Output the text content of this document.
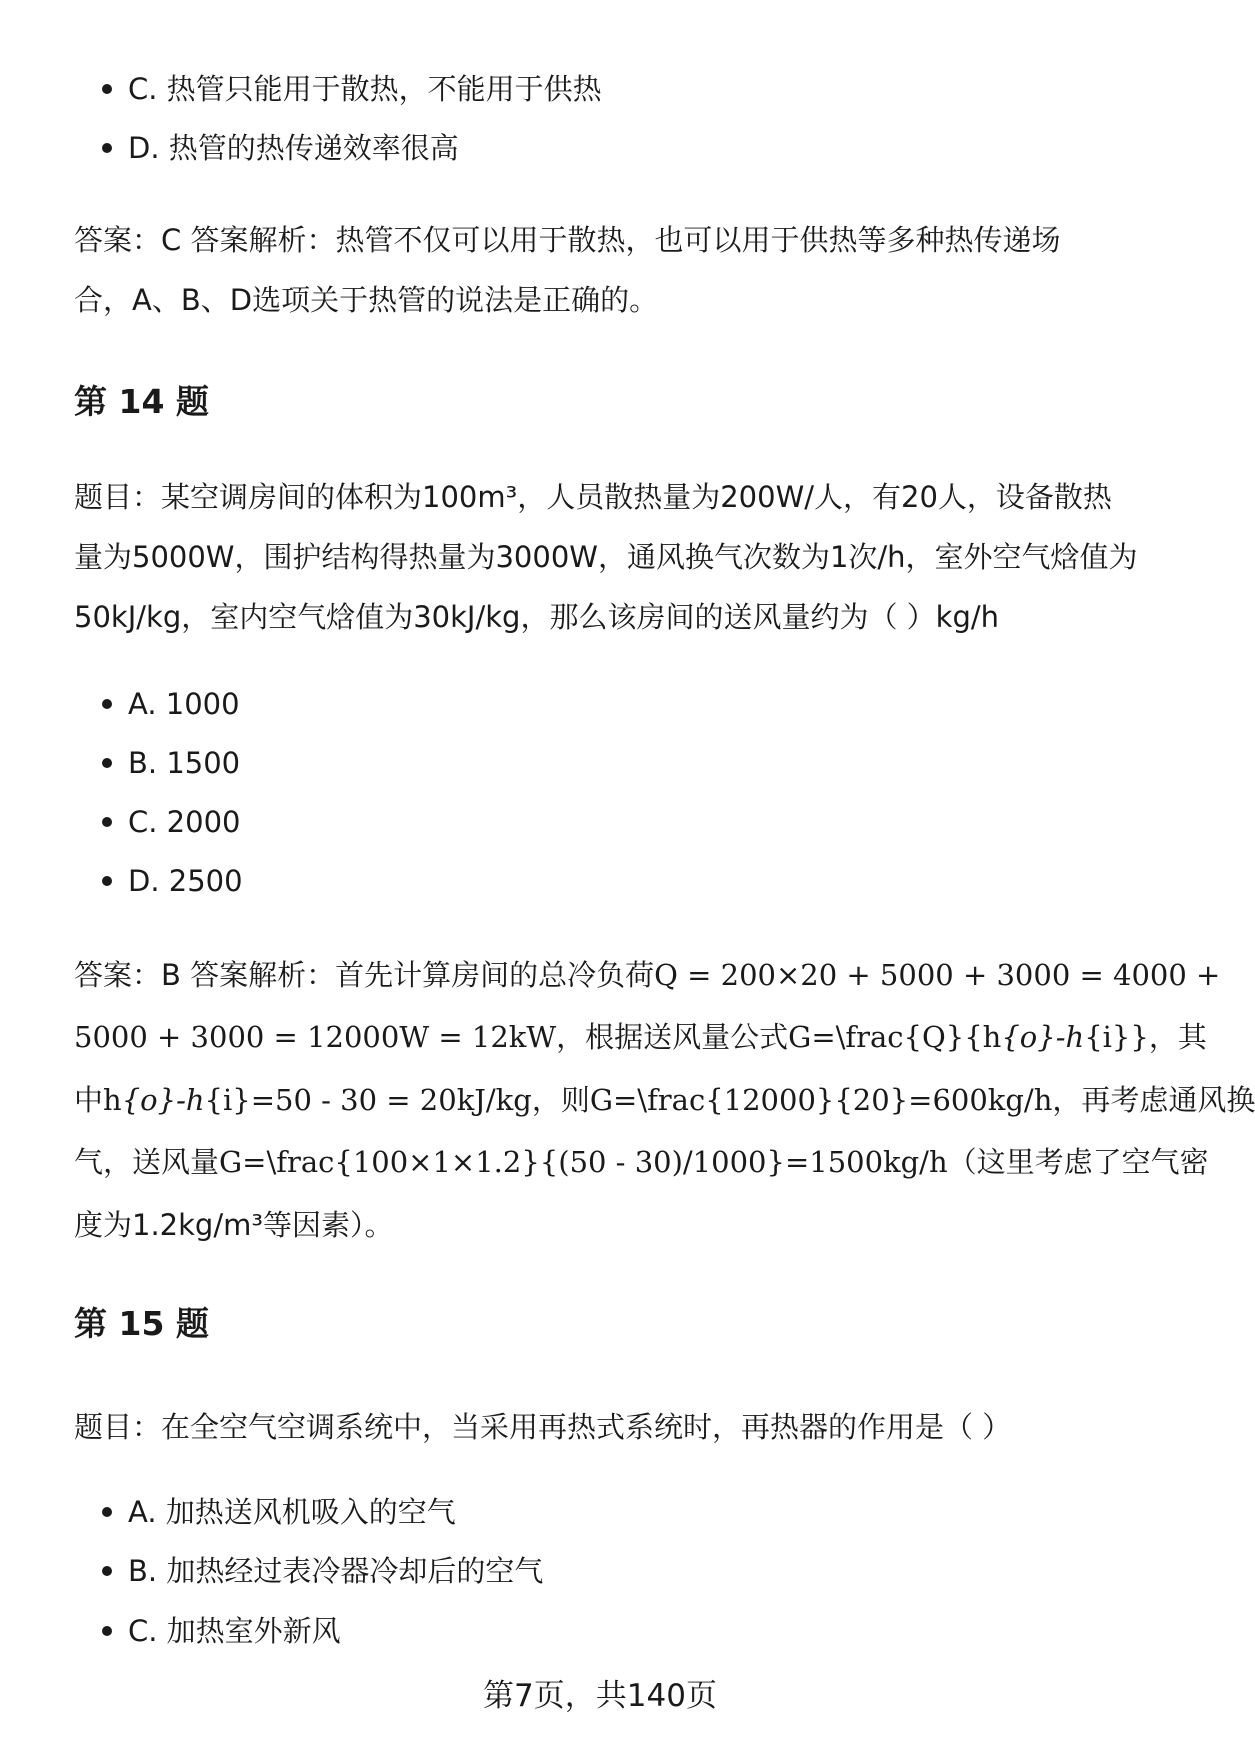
C. 热管只能用于散热，不能用于供热
D. 热管的热传递效率很高
答案：C 答案解析：热管不仅可以用于散热，也可以用于供热等多种热传递场
合，A、B、D选项关于热管的说法是正确的。
第 14 题
题目：某空调房间的体积为100m³，人员散热量为200W/人，有20人，设备散热
量为5000W，围护结构得热量为3000W，通风换气次数为1次/h，室外空气焓值为
50kJ/kg，室内空气焓值为30kJ/kg，那么该房间的送风量约为（ ）kg/h
A. 1000
B. 1500
C. 2000
D. 2500
答案：B 答案解析：首先计算房间的总冷负荷Q = 200×20 + 5000 + 3000 = 4000 +
5000 + 3000 = 12000W = 12kW，根据送风量公式G=\frac{Q}{h{o}-h{i}}，其
中h{o}-h{i}=50 - 30 = 20kJ/kg，则G=\frac{12000}{20}=600kg/h，再考虑通风换
气，送风量G=\frac{100×1×1.2}{(50 - 30)/1000}=1500kg/h（这里考虑了空气密
度为1.2kg/m³等因素）。
第 15 题
题目：在全空气空调系统中，当采用再热式系统时，再热器的作用是（ ）
A. 加热送风机吸入的空气
B. 加热经过表冷器冷却后的空气
C. 加热室外新风
第7页，共140页
